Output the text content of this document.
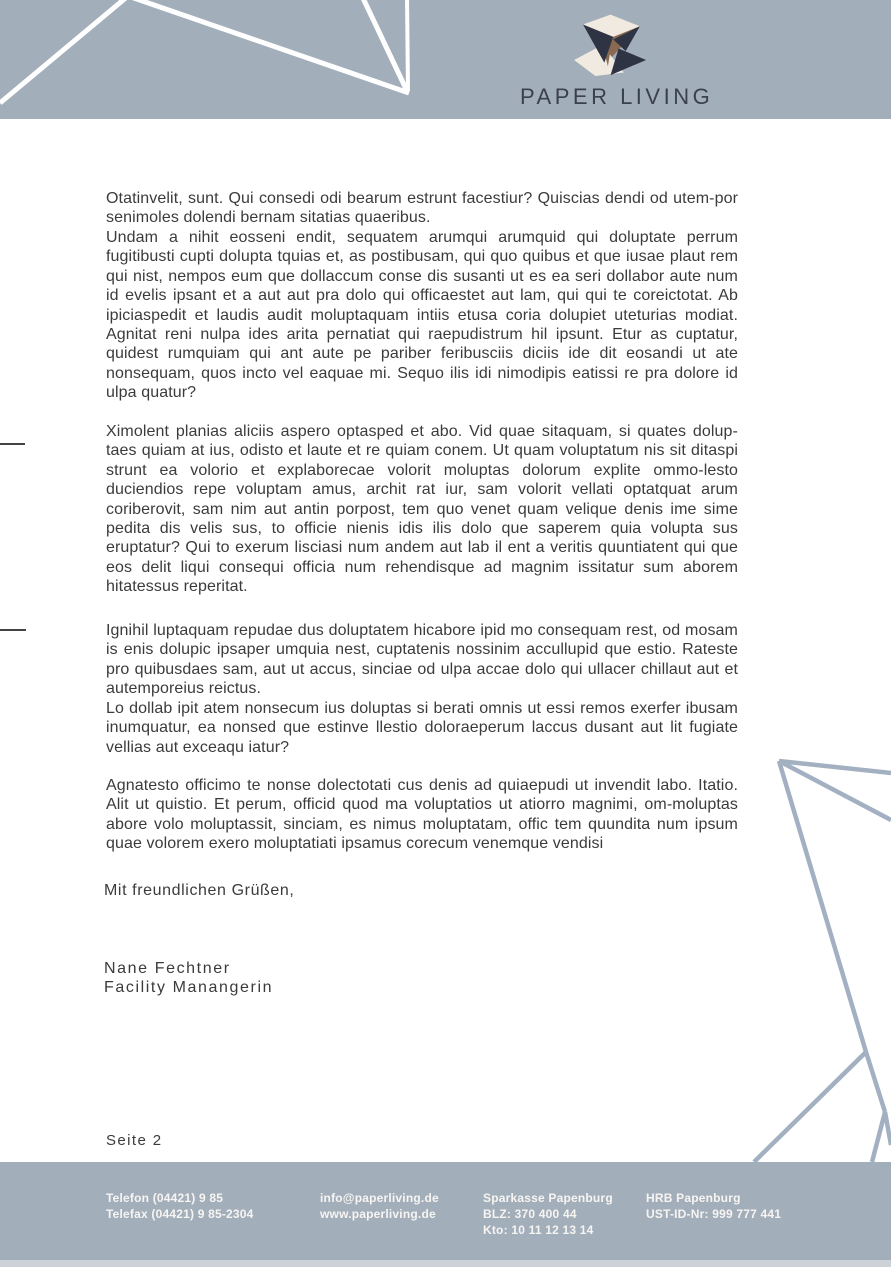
PAPER LIVING
Otatinvelit, sunt. Qui consedi odi bearum estrunt facestiur? Quiscias dendi od utem-por senimoles dolendi bernam sitatias quaeribus.
Undam a nihit eosseni endit, sequatem arumqui arumquid qui doluptate perrum fugitibusti cupti dolupta tquias et, as postibusam, qui quo quibus et que iusae plaut rem qui nist, nempos eum que dollaccum conse dis susanti ut es ea seri dollabor aute num id evelis ipsant et a aut aut pra dolo qui officaestet aut lam, qui qui te coreictotat. Ab ipiciaspedit et laudis audit moluptaquam intiis etusa coria dolupiet uteturias modiat. Agnitat reni nulpa ides arita pernatiat qui raepudistrum hil ipsunt. Etur as cuptatur, quidest rumquiam qui ant aute pe pariber feribusciis diciis ide dit eosandi ut ate nonsequam, quos incto vel eaquae mi. Sequo ilis idi nimodipis eatissi re pra dolore id ulpa quatur?
Ximolent planias aliciis aspero optasped et abo. Vid quae sitaquam, si quates dolup-taes quiam at ius, odisto et laute et re quiam conem. Ut quam voluptatum nis sit ditaspi strunt ea volorio et explaborecae volorit moluptas dolorum explite ommo-lesto duciendios repe voluptam amus, archit rat iur, sam volorit vellati optatquat arum coriberovit, sam nim aut antin porpost, tem quo venet quam velique denis ime sime pedita dis velis sus, to officie nienis idis ilis dolo que saperem quia volupta sus eruptatur? Qui to exerum lisciasi num andem aut lab il ent a veritis quuntiatent qui que eos delit liqui consequi officia num rehendisque ad magnim issitatur sum aborem hitatessus reperitat.
Ignihil luptaquam repudae dus doluptatem hicabore ipid mo consequam rest, od mosam is enis dolupic ipsaper umquia nest, cuptatenis nossinim accullupid que estio. Rateste pro quibusdaes sam, aut ut accus, sinciae od ulpa accae dolo qui ullacer chillaut aut et autemporeius reictus.
Lo dollab ipit atem nonsecum ius doluptas si berati omnis ut essi remos exerfer ibusam inumquatur, ea nonsed que estinve llestio doloraeperum laccus dusant aut lit fugiate vellias aut exceaqu iatur?
Agnatesto officimo te nonse dolectotati cus denis ad quiaepudi ut invendit labo. Itatio. Alit ut quistio. Et perum, officid quod ma voluptatios ut atiorro magnimi, om-moluptas abore volo moluptassit, sinciam, es nimus moluptatam, offic tem quundita num ipsum quae volorem exero moluptatiati ipsamus corecum venemque vendisi
Mit freundlichen Grüßen,
Nane Fechtner
Facility Manangerin
Seite 2
Telefon (04421) 9 85
Telefax (04421) 9 85-2304
info@paperliving.de
www.paperliving.de
Sparkasse Papenburg
BLZ: 370 400 44
Kto: 10 11 12 13 14
HRB Papenburg
UST-ID-Nr: 999 777 441
